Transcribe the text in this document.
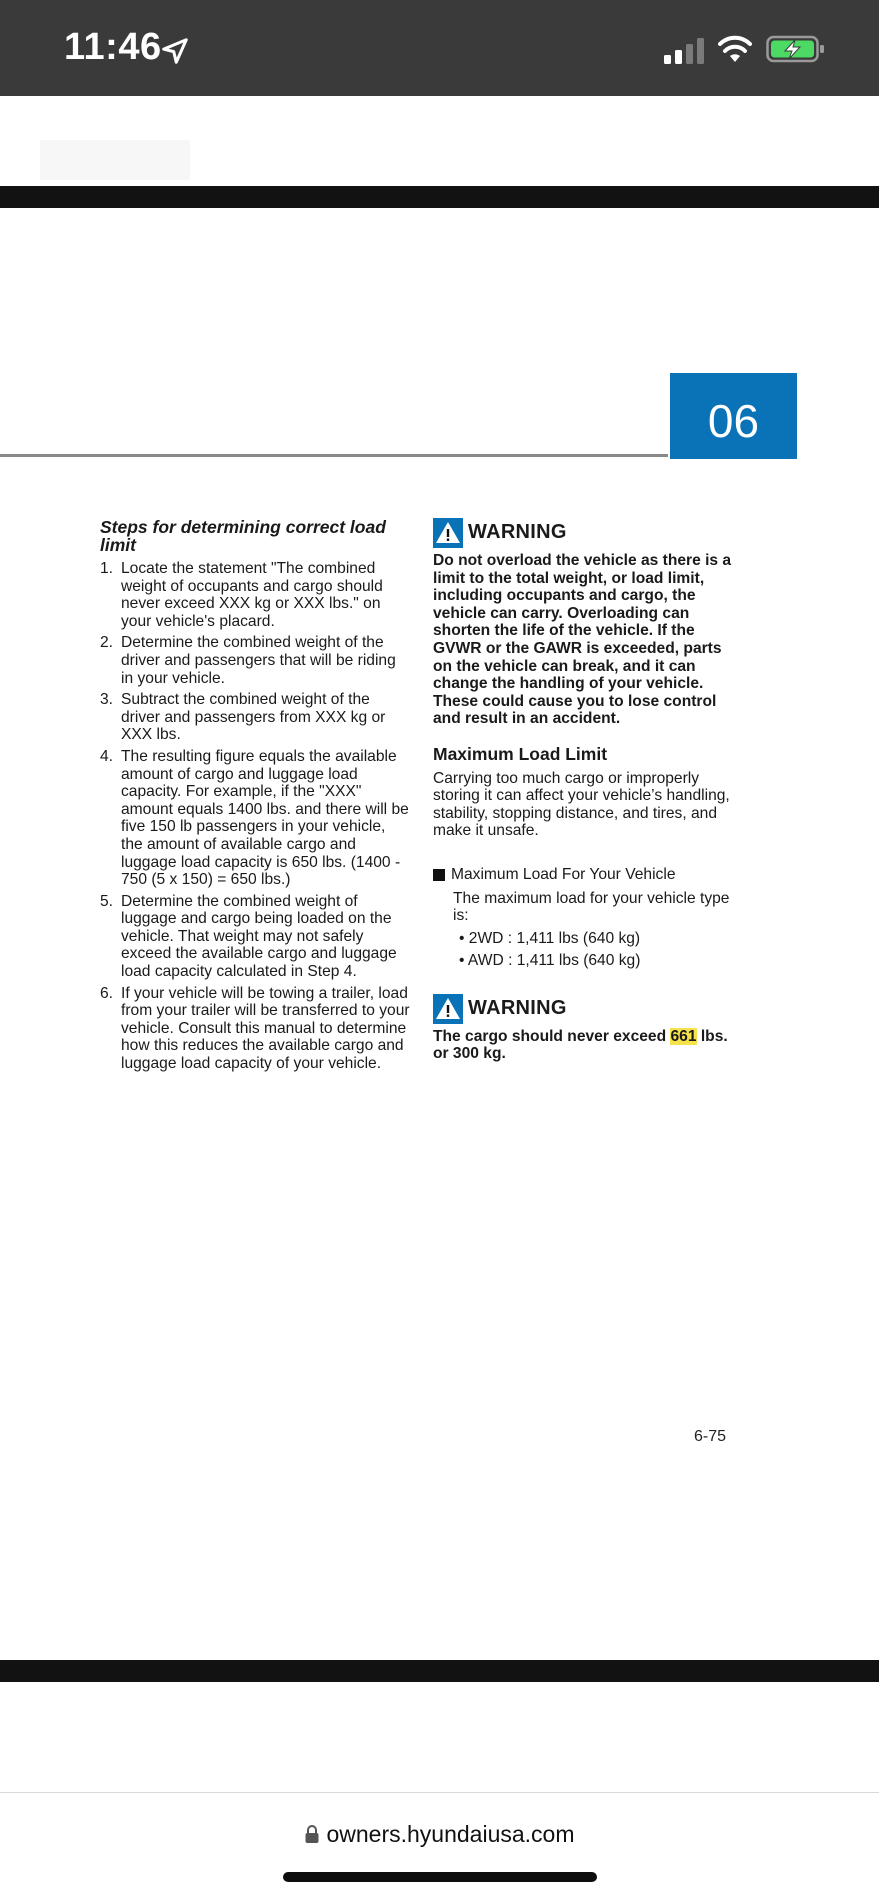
11:46
06
Steps for determining correct load limit
1. Locate the statement "The combined weight of occupants and cargo should never exceed XXX kg or XXX lbs." on your vehicle's placard.
2. Determine the combined weight of the driver and passengers that will be riding in your vehicle.
3. Subtract the combined weight of the driver and passengers from XXX kg or XXX lbs.
4. The resulting figure equals the available amount of cargo and luggage load capacity. For example, if the "XXX" amount equals 1400 lbs. and there will be five 150 lb passengers in your vehicle, the amount of available cargo and luggage load capacity is 650 lbs. (1400 - 750 (5 x 150) = 650 lbs.)
5. Determine the combined weight of luggage and cargo being loaded on the vehicle. That weight may not safely exceed the available cargo and luggage load capacity calculated in Step 4.
6. If your vehicle will be towing a trailer, load from your trailer will be transferred to your vehicle. Consult this manual to determine how this reduces the available cargo and luggage load capacity of your vehicle.
WARNING
Do not overload the vehicle as there is a limit to the total weight, or load limit, including occupants and cargo, the vehicle can carry. Overloading can shorten the life of the vehicle. If the GVWR or the GAWR is exceeded, parts on the vehicle can break, and it can change the handling of your vehicle. These could cause you to lose control and result in an accident.
Maximum Load Limit
Carrying too much cargo or improperly storing it can affect your vehicle’s handling, stability, stopping distance, and tires, and make it unsafe.
Maximum Load For Your Vehicle
The maximum load for your vehicle type is:
• 2WD : 1,411 lbs (640 kg)
• AWD : 1,411 lbs (640 kg)
WARNING
The cargo should never exceed 661 lbs. or 300 kg.
6-75
owners.hyundaiusa.com
